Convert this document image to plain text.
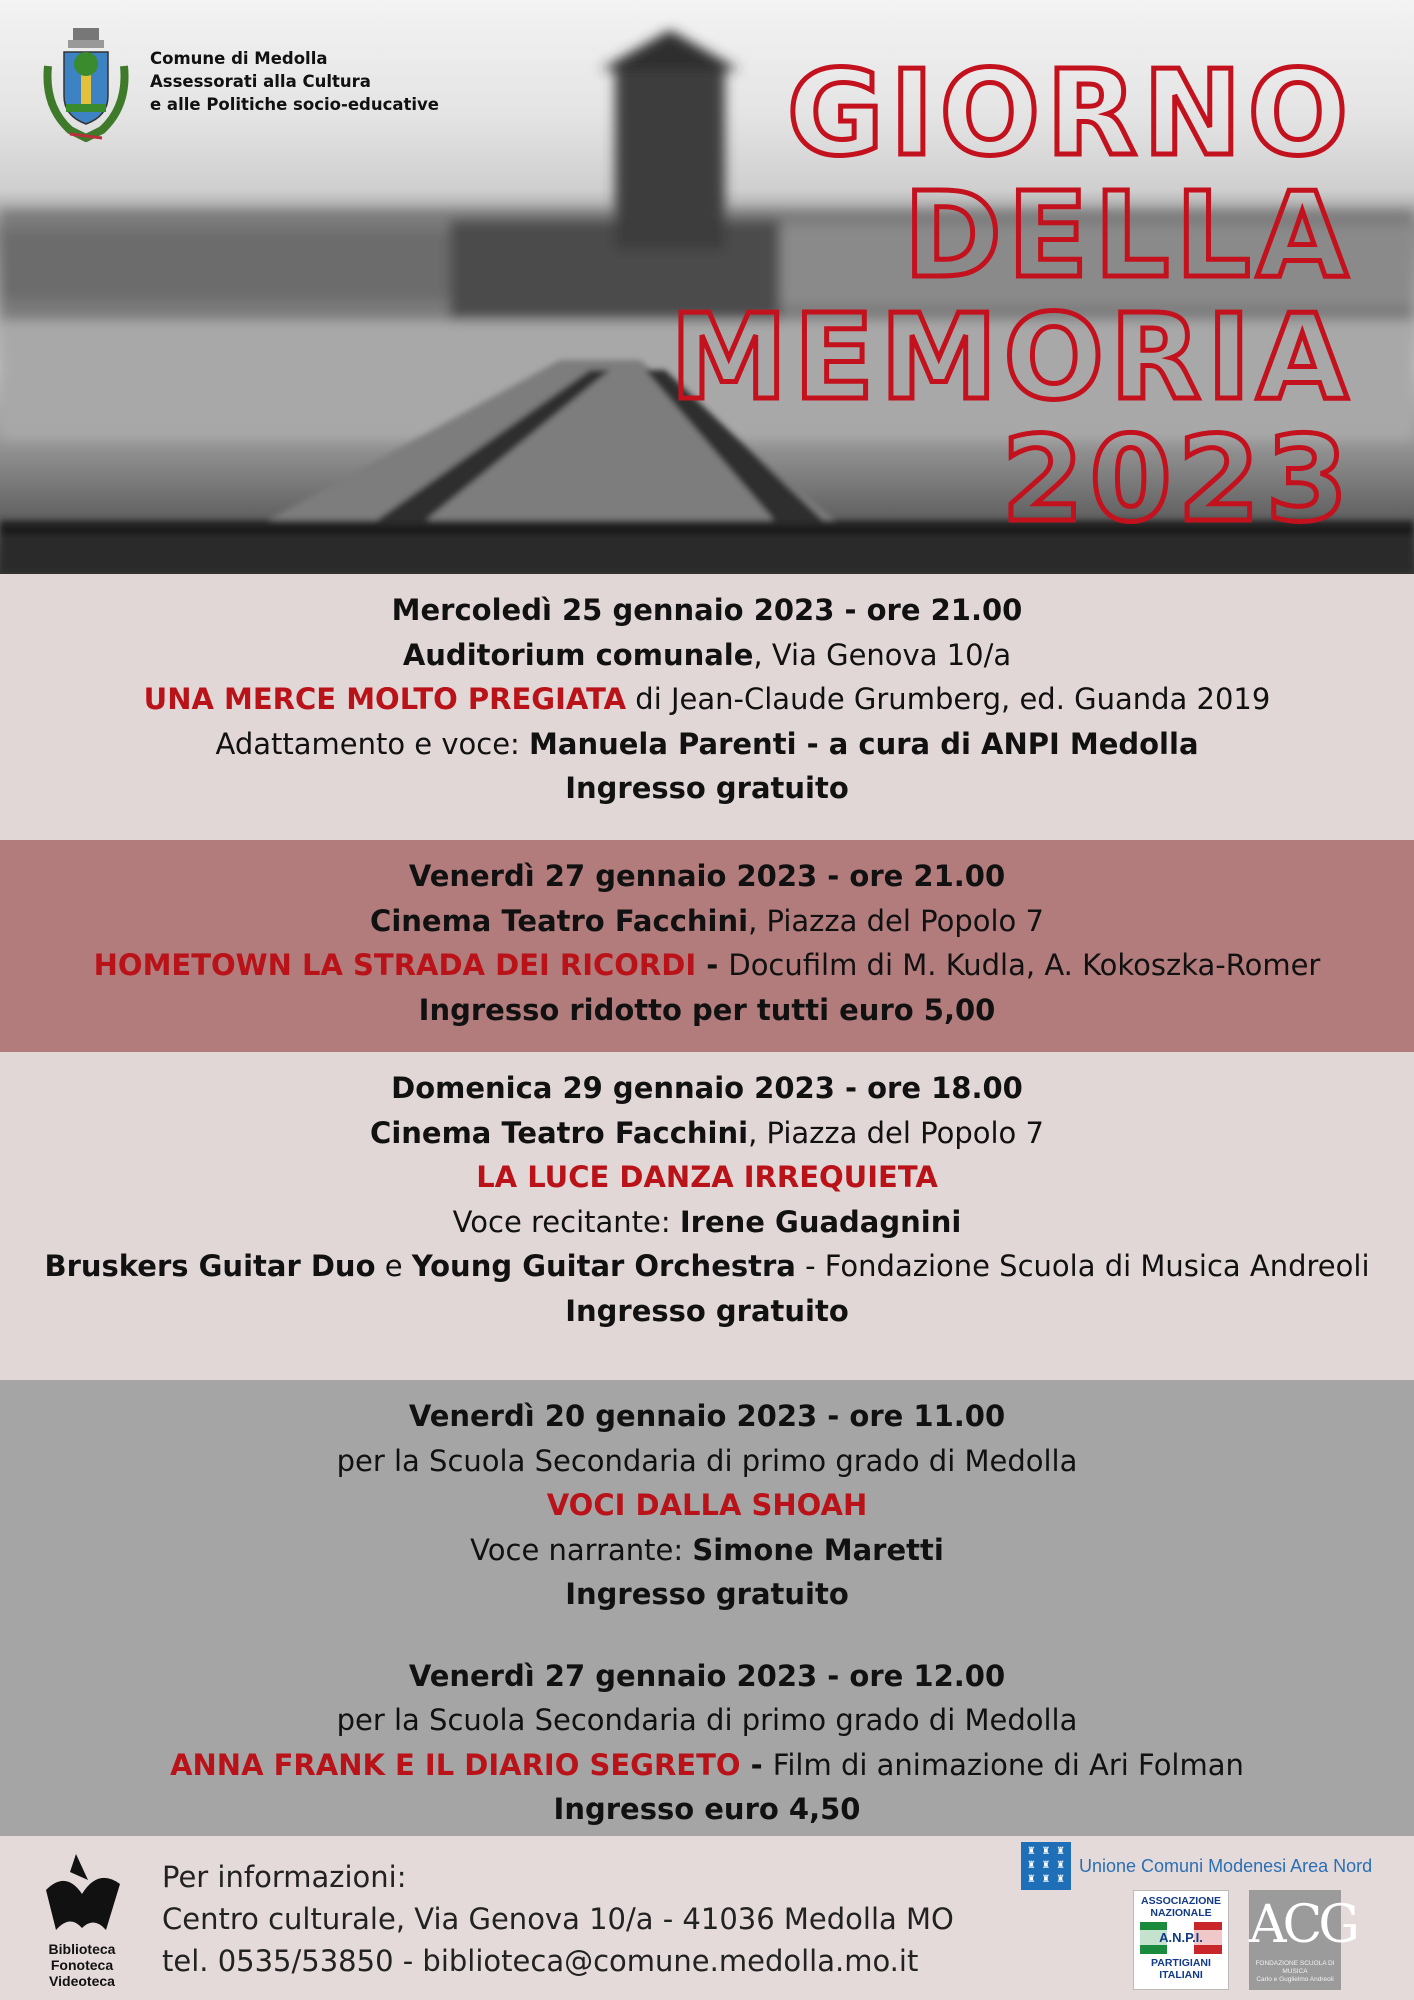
Comune di Medolla
Assessorati alla Cultura
e alle Politiche socio-educative	GIORNO
DELLA
MEMORIA
2023

Mercoledì 25 gennaio 2023 - ore 21.00

Auditorium comunale, Via Genova 10/a

UNA MERCE MOLTO PREGIATA di Jean-Claude Grumberg, ed. Guanda 2019

Adattamento e voce: Manuela Parenti - a cura di ANPI Medolla

Ingresso gratuito

Venerdì 27 gennaio 2023 - ore 21.00

Cinema Teatro Facchini, Piazza del Popolo 7

HOMETOWN LA STRADA DEI RICORDI - Docufilm di M. Kudla, A. Kokoszka-Romer

Ingresso ridotto per tutti euro 5,00

Domenica 29 gennaio 2023 - ore 18.00

Cinema Teatro Facchini, Piazza del Popolo 7

LA LUCE DANZA IRREQUIETA

Voce recitante: Irene Guadagnini

Bruskers Guitar Duo e Young Guitar Orchestra - Fondazione Scuola di Musica Andreoli

Ingresso gratuito

Venerdì 20 gennaio 2023 - ore 11.00

per la Scuola Secondaria di primo grado di Medolla

VOCI DALLA SHOAH

Voce narrante: Simone Maretti

Ingresso gratuito

Venerdì 27 gennaio 2023 - ore 12.00

per la Scuola Secondaria di primo grado di Medolla

ANNA FRANK E IL DIARIO SEGRETO - Film di animazione di Ari Folman

Ingresso euro 4,50

Biblioteca
Fonoteca
Videoteca
Per informazioni:
Centro culturale, Via Genova 10/a - 41036 Medolla MO
tel. 0535/53850 - biblioteca@comune.medolla.mo.it
♜ ♜ ♜
♜ ♜ ♜
♜ ♜ ♜
Unione Comuni Modenesi Area Nord
ASSOCIAZIONE
NAZIONALE
A.N.P.I.
PARTIGIANI
ITALIANI
ACG
FONDAZIONE SCUOLA DI MUSICA
Carlo e Guglielmo Andreoli
